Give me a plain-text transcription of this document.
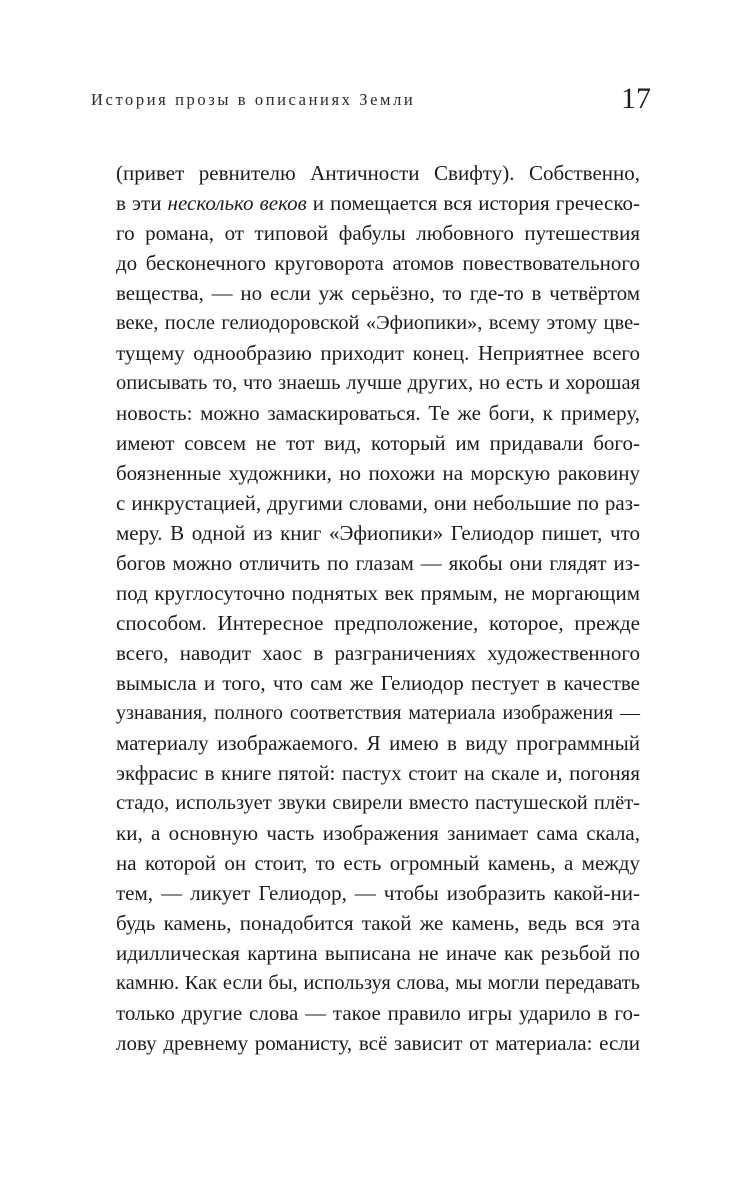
История прозы в описаниях Земли	17
(привет ревнителю Античности Свифту). Собственно,
в эти несколько веков и помещается вся история греческо-
го романа, от типовой фабулы любовного путешествия
до бесконечного круговорота атомов повествовательного
вещества, — но если уж серьёзно, то где-то в четвёртом
веке, после гелиодоровской «Эфиопики», всему этому цве-
тущему однообразию приходит конец. Неприятнее всего
описывать то, что знаешь лучше других, но есть и хорошая
новость: можно замаскироваться. Те же боги, к примеру,
имеют совсем не тот вид, который им придавали бого-
боязненные художники, но похожи на морскую раковину
с инкрустацией, другими словами, они небольшие по раз-
меру. В одной из книг «Эфиопики» Гелиодор пишет, что
богов можно отличить по глазам — якобы они глядят из-
под круглосуточно поднятых век прямым, не моргающим
способом. Интересное предположение, которое, прежде
всего, наводит хаос в разграничениях художественного
вымысла и того, что сам же Гелиодор пестует в качестве
узнавания, полного соответствия материала изображения —
материалу изображаемого. Я имею в виду программный
экфрасис в книге пятой: пастух стоит на скале и, погоняя
стадо, использует звуки свирели вместо пастушеской плёт-
ки, а основную часть изображения занимает сама скала,
на которой он стоит, то есть огромный камень, а между
тем, — ликует Гелиодор, — чтобы изобразить какой-ни-
будь камень, понадобится такой же камень, ведь вся эта
идиллическая картина выписана не иначе как резьбой по
камню. Как если бы, используя слова, мы могли передавать
только другие слова — такое правило игры ударило в го-
лову древнему романисту, всё зависит от материала: если
